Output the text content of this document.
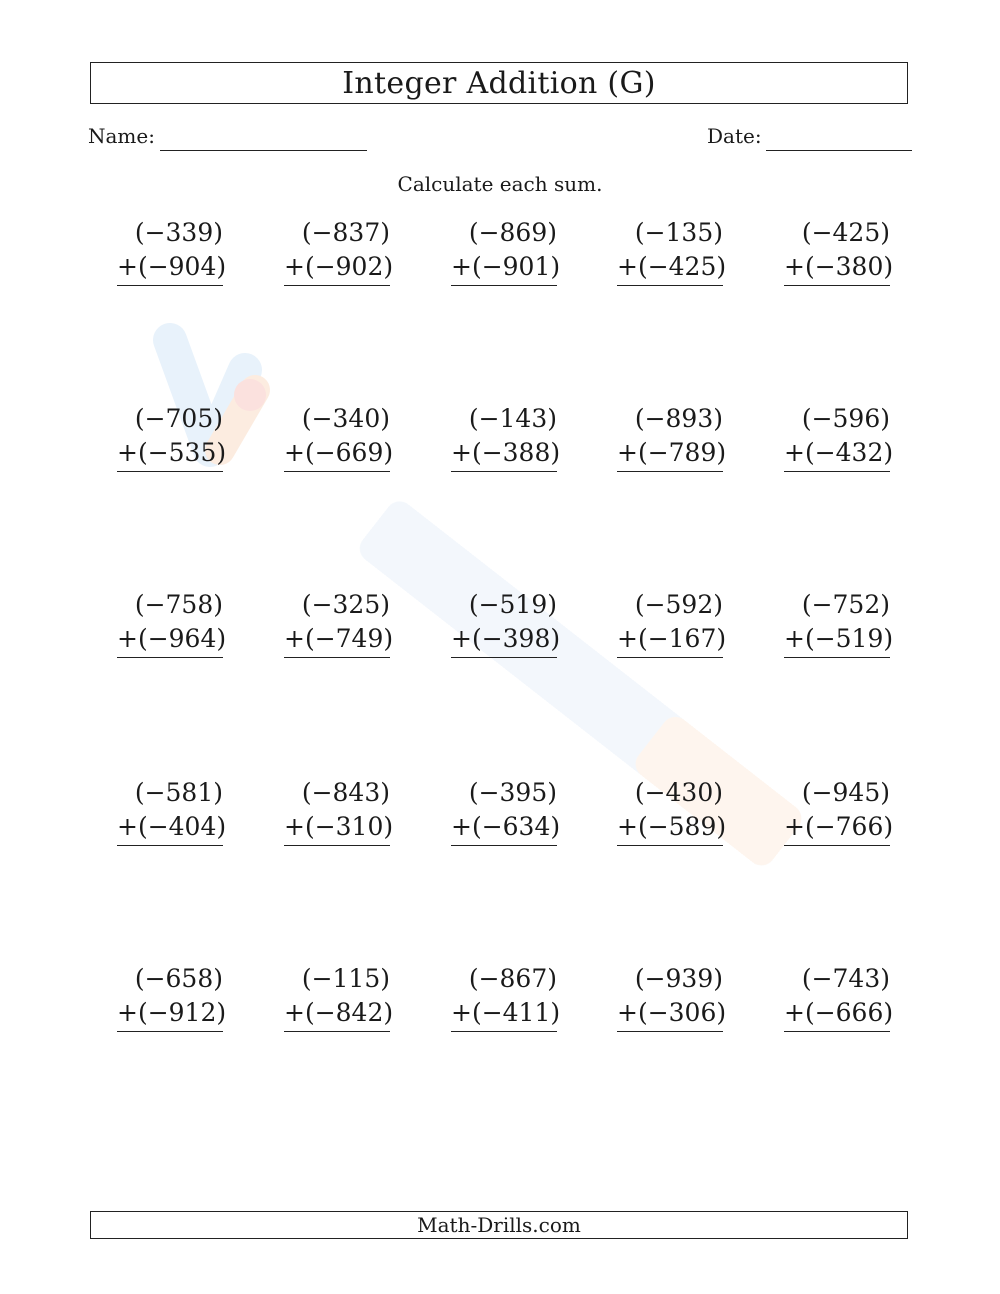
Integer Addition (G)
Name:	Date:
Calculate each sum.
(−339)
+(−904)
(−837)
+(−902)
(−869)
+(−901)
(−135)
+(−425)
(−425)
+(−380)
(−705)
+(−535)
(−340)
+(−669)
(−143)
+(−388)
(−893)
+(−789)
(−596)
+(−432)
(−758)
+(−964)
(−325)
+(−749)
(−519)
+(−398)
(−592)
+(−167)
(−752)
+(−519)
(−581)
+(−404)
(−843)
+(−310)
(−395)
+(−634)
(−430)
+(−589)
(−945)
+(−766)
(−658)
+(−912)
(−115)
+(−842)
(−867)
+(−411)
(−939)
+(−306)
(−743)
+(−666)
Math-Drills.com
